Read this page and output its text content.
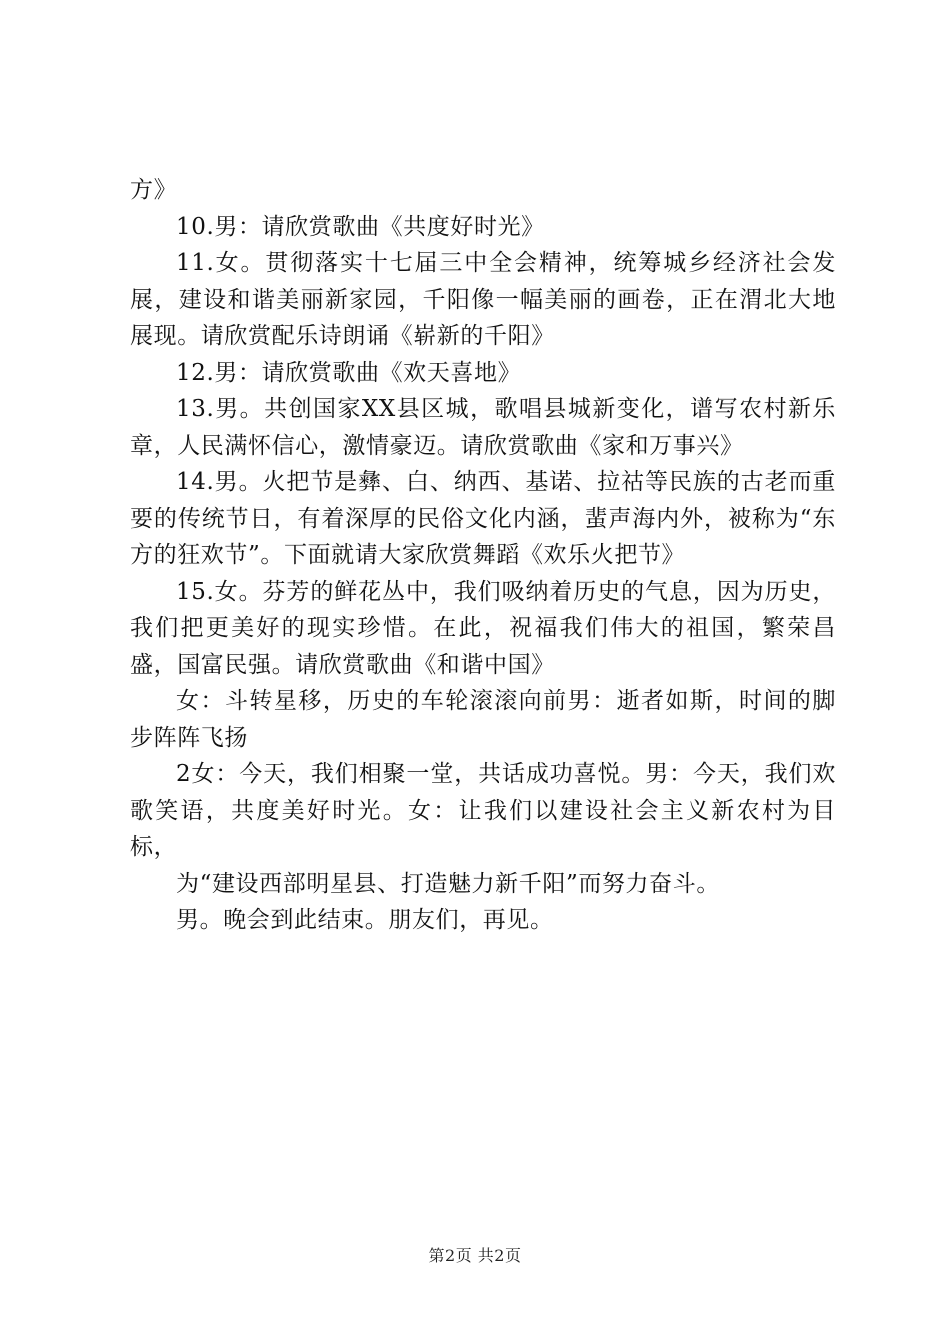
方》

10.男：请欣赏歌曲《共度好时光》

11.女。贯彻落实十七届三中全会精神，统筹城乡经济社会发展，建设和谐美丽新家园，千阳像一幅美丽的画卷，正在渭北大地展现。请欣赏配乐诗朗诵《崭新的千阳》

12.男：请欣赏歌曲《欢天喜地》

13.男。共创国家XX县区城，歌唱县城新变化，谱写农村新乐章，人民满怀信心，激情豪迈。请欣赏歌曲《家和万事兴》

14.男。火把节是彝、白、纳西、基诺、拉祜等民族的古老而重要的传统节日，有着深厚的民俗文化内涵，蜚声海内外，被称为“东方的狂欢节”。下面就请大家欣赏舞蹈《欢乐火把节》

15.女。芬芳的鲜花丛中，我们吸纳着历史的气息，因为历史，我们把更美好的现实珍惜。在此，祝福我们伟大的祖国，繁荣昌盛，国富民强。请欣赏歌曲《和谐中国》

女：斗转星移，历史的车轮滚滚向前男：逝者如斯，时间的脚步阵阵飞扬

2女：今天，我们相聚一堂，共话成功喜悦。男：今天，我们欢歌笑语，共度美好时光。女：让我们以建设社会主义新农村为目标，

为“建设西部明星县、打造魅力新千阳”而努力奋斗。

男。晚会到此结束。朋友们，再见。

第2页 共2页
